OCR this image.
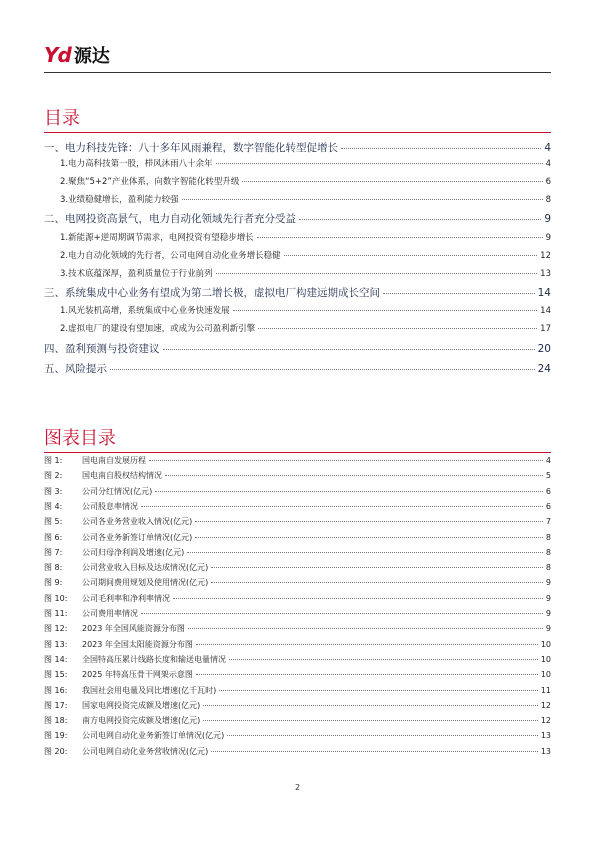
Yd 源达
目录
一、电力科技先锋：八十多年风雨兼程，数字智能化转型促增长	4
1.电力高科技第一股，栉风沐雨八十余年	4
2.聚焦“5+2”产业体系，向数字智能化转型升级	6
3.业绩稳健增长，盈利能力较强	8
二、电网投资高景气，电力自动化领域先行者充分受益	9
1.新能源+逆周期调节需求，电网投资有望稳步增长	9
2.电力自动化领域的先行者，公司电网自动化业务增长稳健	12
3.技术底蕴深厚，盈利质量位于行业前列	13
三、系统集成中心业务有望成为第二增长极，虚拟电厂构建远期成长空间	14
1.风光装机高增，系统集成中心业务快速发展	14
2.虚拟电厂的建设有望加速，或成为公司盈利新引擎	17
四、盈利预测与投资建议	20
五、风险提示	24
图表目录
图 1:	国电南自发展历程	4
图 2:	国电南自股权结构情况	5
图 3:	公司分红情况(亿元)	6
图 4:	公司股息率情况	6
图 5:	公司各业务营业收入情况(亿元)	7
图 6:	公司各业务新签订单情况(亿元)	8
图 7:	公司归母净利润及增速(亿元)	8
图 8:	公司营业收入目标及达成情况(亿元)	8
图 9:	公司期间费用规划及使用情况(亿元)	9
图 10:	公司毛利率和净利率情况	9
图 11:	公司费用率情况	9
图 12:	2023 年全国风能资源分布图	9
图 13:	2023 年全国太阳能资源分布图	10
图 14:	全国特高压累计线路长度和输送电量情况	10
图 15:	2025 年特高压骨干网架示意图	10
图 16:	我国社会用电量及同比增速(亿千瓦时)	11
图 17:	国家电网投资完成额及增速(亿元)	12
图 18:	南方电网投资完成额及增速(亿元)	12
图 19:	公司电网自动化业务新签订单情况(亿元)	13
图 20:	公司电网自动化业务营收情况(亿元)	13
2
